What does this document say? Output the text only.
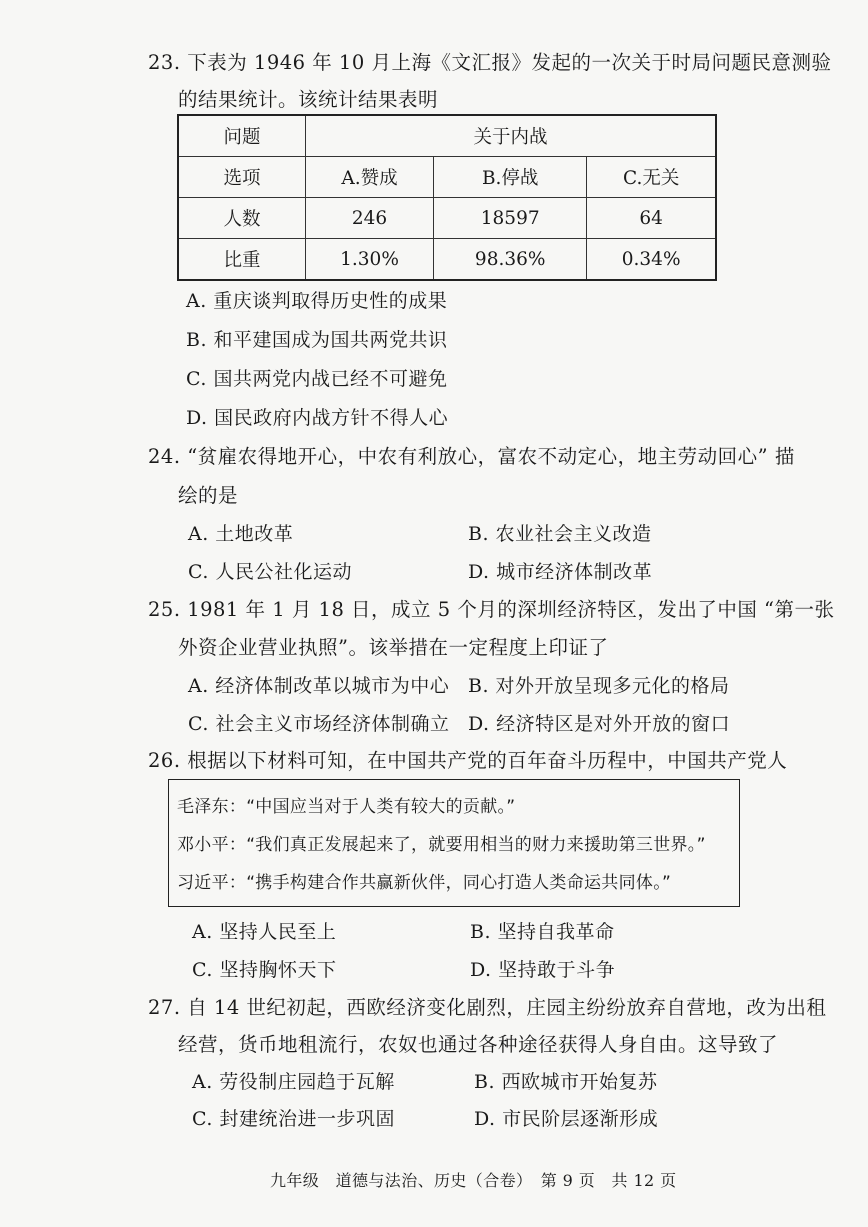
23. 下表为 1946 年 10 月上海《文汇报》发起的一次关于时局问题民意测验
的结果统计。该统计结果表明
问题	关于内战		
选项	A.赞成	B.停战	C.无关
人数	246	18597	64
比重	1.30%	98.36%	0.34%
A. 重庆谈判取得历史性的成果
B. 和平建国成为国共两党共识
C. 国共两党内战已经不可避免
D. 国民政府内战方针不得人心
24. “贫雇农得地开心，中农有利放心，富农不动定心，地主劳动回心” 描
绘的是
A. 土地改革	B. 农业社会主义改造
C. 人民公社化运动	D. 城市经济体制改革
25. 1981 年 1 月 18 日，成立 5 个月的深圳经济特区，发出了中国 “第一张
外资企业营业执照”。该举措在一定程度上印证了
A. 经济体制改革以城市为中心 B. 对外开放呈现多元化的格局
C. 社会主义市场经济体制确立 D. 经济特区是对外开放的窗口
26. 根据以下材料可知，在中国共产党的百年奋斗历程中，中国共产党人
毛泽东：“中国应当对于人类有较大的贡献。”
邓小平：“我们真正发展起来了，就要用相当的财力来援助第三世界。”
习近平：“携手构建合作共赢新伙伴，同心打造人类命运共同体。”
A. 坚持人民至上	B. 坚持自我革命
C. 坚持胸怀天下	D. 坚持敢于斗争
27. 自 14 世纪初起，西欧经济变化剧烈，庄园主纷纷放弃自营地，改为出租
经营，货币地租流行，农奴也通过各种途径获得人身自由。这导致了
A. 劳役制庄园趋于瓦解	B. 西欧城市开始复苏
C. 封建统治进一步巩固	D. 市民阶层逐渐形成
九年级　道德与法治、历史（合卷）　第 9 页　共 12 页
